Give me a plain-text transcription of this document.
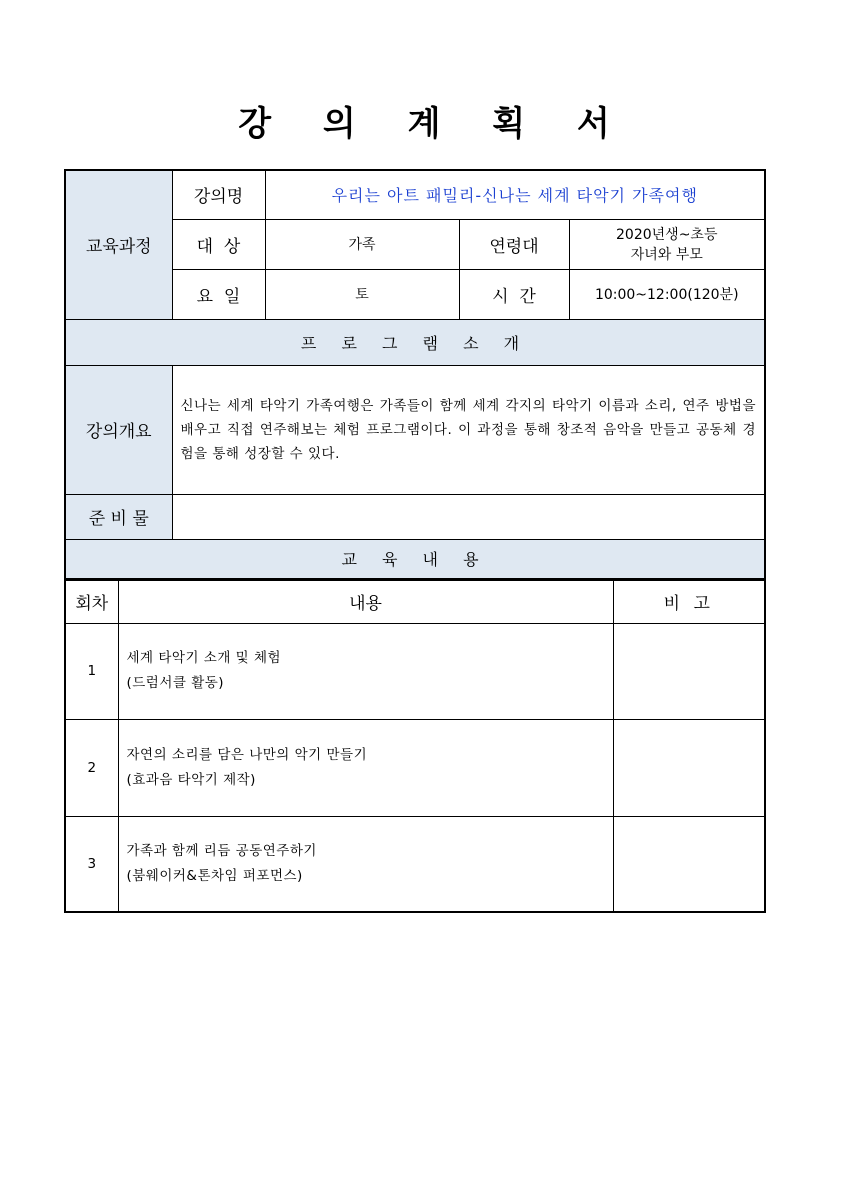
강 의 계 획 서
교육과정	강의명	우리는 아트 패밀리-신나는 세계 타악기 가족여행		
	대  상	가족	연령대	2020년생~초등
자녀와 부모

	요  일	토	시  간	10:00~12:00(120분)
프 로 그 램 소 개				
강의개요	신나는 세계 타악기 가족여행은 가족들이 함께 세계 각지의 타악기 이름과 소리, 연주 방법을 배우고 직접 연주해보는 체험 프로그램이다. 이 과정을 통해 창조적 음악을 만들고 공동체 경험을 통해 성장할 수 있다.			
준 비 물				
교 육 내 용				
회차	내용	비 고
1	세계 타악기 소개 및 체험
(드럼서클 활동)	

2	자연의 소리를 담은 나만의 악기 만들기
(효과음 타악기 제작)	

3	가족과 함께 리듬 공동연주하기
(붐웨이커&톤차임 퍼포먼스)	
